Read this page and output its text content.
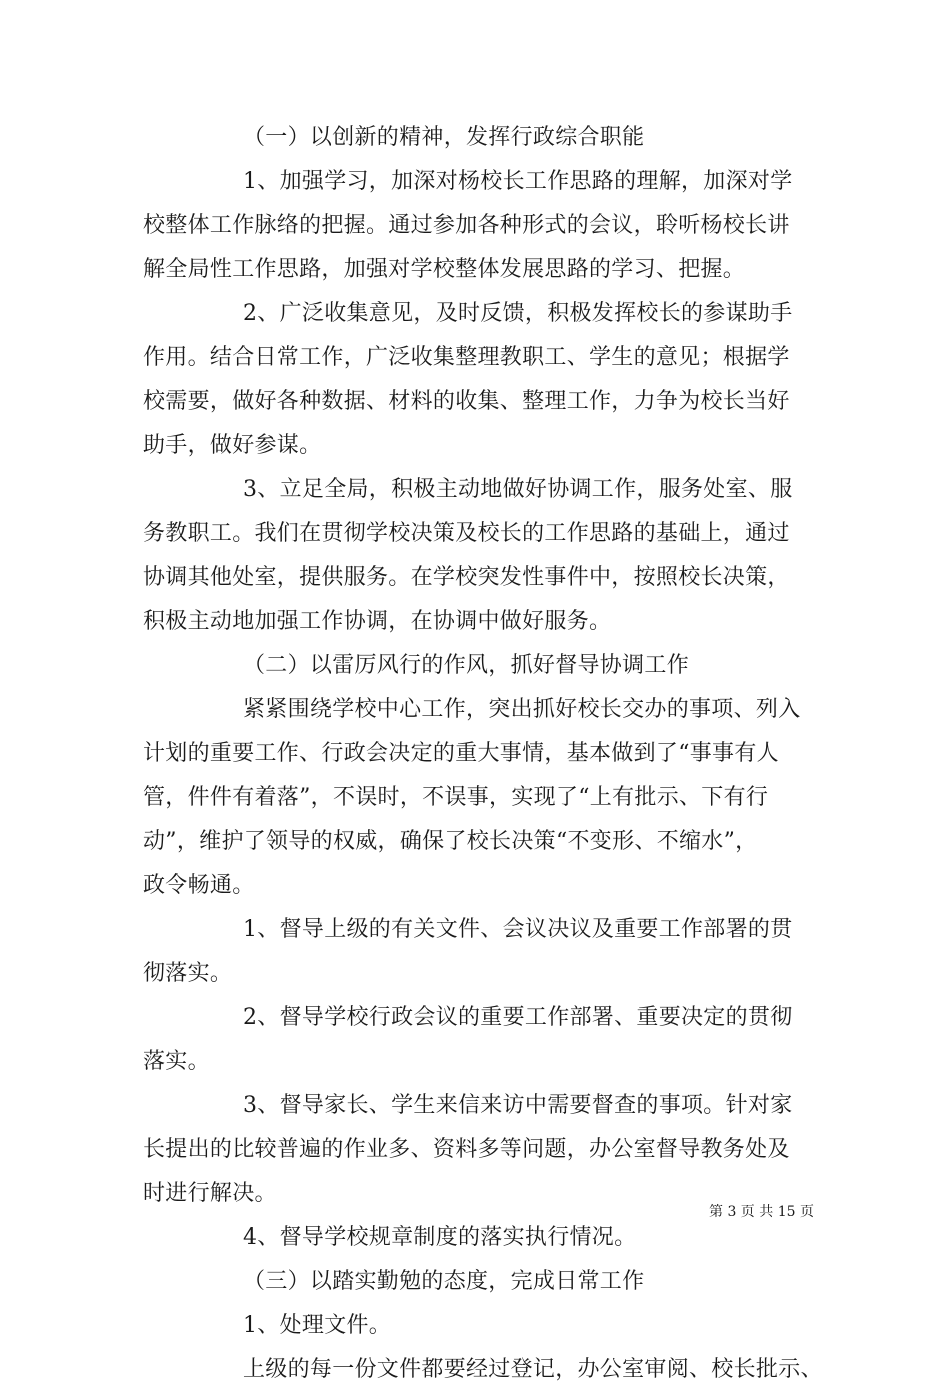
（一）以创新的精神，发挥行政综合职能
1、加强学习，加深对杨校长工作思路的理解，加深对学
校整体工作脉络的把握。通过参加各种形式的会议，聆听杨校长讲
解全局性工作思路，加强对学校整体发展思路的学习、把握。
2、广泛收集意见，及时反馈，积极发挥校长的参谋助手
作用。结合日常工作，广泛收集整理教职工、学生的意见；根据学
校需要，做好各种数据、材料的收集、整理工作，力争为校长当好
助手，做好参谋。
3、立足全局，积极主动地做好协调工作，服务处室、服
务教职工。我们在贯彻学校决策及校长的工作思路的基础上，通过
协调其他处室，提供服务。在学校突发性事件中，按照校长决策，
积极主动地加强工作协调，在协调中做好服务。
（二）以雷厉风行的作风，抓好督导协调工作
紧紧围绕学校中心工作，突出抓好校长交办的事项、列入
计划的重要工作、行政会决定的重大事情，基本做到了“事事有人
管，件件有着落”，不误时，不误事，实现了“上有批示、下有行
动”，维护了领导的权威，确保了校长决策“不变形、不缩水”，
政令畅通。
1、督导上级的有关文件、会议决议及重要工作部署的贯
彻落实。
2、督导学校行政会议的重要工作部署、重要决定的贯彻
落实。
3、督导家长、学生来信来访中需要督查的事项。针对家
长提出的比较普遍的作业多、资料多等问题，办公室督导教务处及
时进行解决。
4、督导学校规章制度的落实执行情况。
（三）以踏实勤勉的态度，完成日常工作
1、处理文件。
上级的每一份文件都要经过登记，办公室审阅、校长批示、
第 3 页 共 15 页
